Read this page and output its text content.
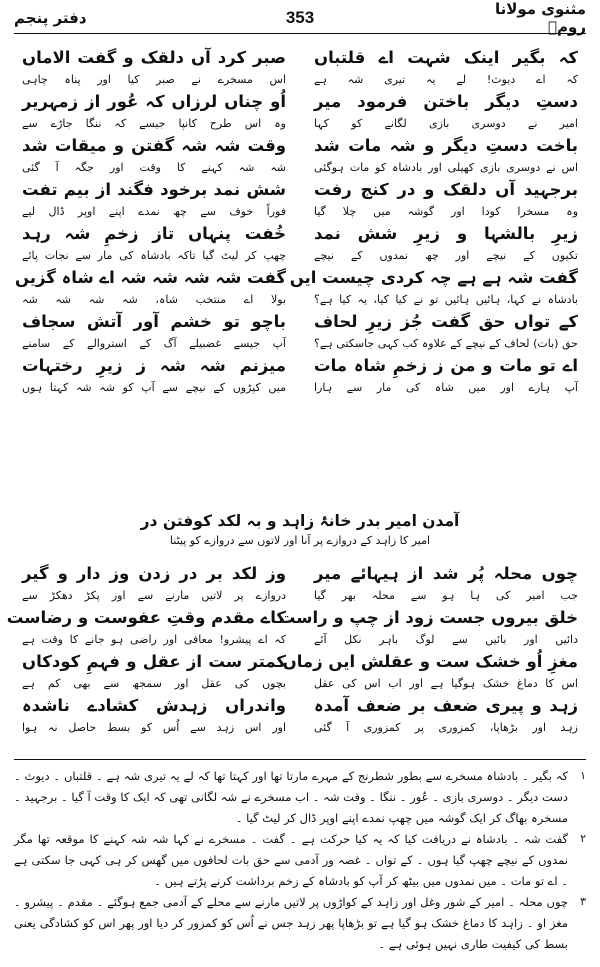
مثنوی مولانا رومؒ
353
دفتر پنجم
کہ بگیر اینک شہت اے قلتباں
کہ اے دیوث! لے یہ تیری شہ ہے
صبر کرد آں دلقک و گفت الاماں
اس مسخرے نے صبر کیا اور پناہ چاہی
دستِ دیگر باختن فرمود میر
امیر نے دوسری بازی لگانے کو کہا
اُو چناں لرزاں کہ عُور از زمہریر
وہ اس طرح کانپا جیسے کہ ننگا جاڑے سے
باخت دستِ دیگر و شہ مات شد
اس نے دوسری بازی کھیلی اور بادشاہ کو مات ہوگئی
وقت شہ شہ گفتن و میقات شد
شہ شہ کہنے کا وقت اور جگہ آ گئی
برجہید آں دلقک و در کنج رفت
وہ مسخرا کودا اور گوشہ میں چلا گیا
شش نمد برخود فگند از بیم تفت
فوراً خوف سے چھ نمدے اپنے اوپر ڈال لیے
زیرِ بالشہا و زیرِ شش نمد
تکیوں کے نیچے اور چھ نمدوں کے نیچے
خُفت پنہاں تاز زخمِ شہ رہد
چھپ کر لیٹ گیا تاکہ بادشاہ کی مار سے نجات پائے
گفت شہ ہے ہے چہ کردی چیست ایں
بادشاہ نے کہا، ہائیں ہائیں تو نے کیا کیا، یہ کیا ہے؟
گفت شہ شہ شہ شہ اے شاہ گزیں
بولا اے منتخب شاہ، شہ شہ شہ شہ
کے تواں حق گفت جُز زیرِ لحاف
حق (بات) لحاف کے نیچے کے علاوہ کب کہی جاسکتی ہے؟
باچو تو خشم آور آتش سجاف
آپ جیسے غضبیلے آگ کے استروالے کے سامنے
اے تو مات و من ز زخمِ شاہ مات
آپ ہارے اور میں شاہ کی مار سے ہارا
میزنم شہ شہ ز زیرِ رختہات
میں کپڑوں کے نیچے سے آپ کو شہ شہ کہتا ہوں
آمدن امیر بدر خانۂ زاہد و بہ لکد کوفتن در
امیر کا زاہد کے دروازے پر آنا اور لاتوں سے دروازے کو پیٹنا
چوں محلہ پُر شد از ہیہائے میر
جب امیر کی ہا ہو سے محلہ بھر گیا
وز لکد بر در زدن وز دار و گیر
دروازے پر لاتیں مارنے سے اور پکڑ دھکڑ سے
خلق بیروں جست زود از چپ و راست
دائیں اور بائیں سے لوگ باہر نکل آئے
کاے مقدم وقتِ عفوست و رضاست
کہ اے پیشرو! معافی اور راضی ہو جانے کا وقت ہے
مغزِ اُو خشک ست و عقلش ایں زماں
اس کا دماغ خشک ہوگیا ہے اور اب اس کی عقل
کمتر ست از عقل و فہمِ کودکاں
بچوں کی عقل اور سمجھ سے بھی کم ہے
زہد و پیری ضعف بر ضعف آمدہ
زہد اور بڑھاپا، کمزوری پر کمزوری آ گئی
واندراں زہدش کشادے ناشدہ
اور اس زہد سے اُس کو بسط حاصل نہ ہوا
۱
کہ بگیر ۔ بادشاہ مسخرے سے بطور شطرنج کے مہرے مارتا تھا اور کہتا تھا کہ لے یہ تیری شہ ہے ۔ قلتباں ۔ دیوث ۔ دست دیگر ۔ دوسری بازی ۔ عُور ۔ ننگا ۔ وقت شہ ۔ اب مسخرے نے شہ لگانی تھی کہ ایک کا وقت آ گیا ۔ برجہید ۔ مسخرہ بھاگ کر ایک گوشہ میں چھپ نمدے اپنے اوپر ڈال کر لیٹ گیا ۔
۲
گفت شہ ۔ بادشاہ نے دریافت کیا کہ یہ کیا حرکت ہے ۔ گفت ۔ مسخرے نے کہا شہ شہ کہنے کا موقعہ تھا مگر نمدوں کے نیچے چھپ گیا ہوں ۔ کے تواں ۔ غصہ ور آدمی سے حق بات لحافوں میں گھس کر ہی کہی جا سکتی ہے ۔ اے تو مات ۔ میں نمدوں میں بیٹھ کر آپ کو بادشاہ کے زخم برداشت کرنے پڑتے ہیں ۔
۳
چوں محلہ ۔ امیر کے شور وغل اور زاہد کے کواڑوں پر لاتیں مارنے سے محلے کے آدمی جمع ہوگئے ۔ مقدم ۔ پیشرو ۔ مغز او ۔ زاہد کا دماغ خشک ہو گیا ہے تو بڑھاپا پھر زہد جس نے اُس کو کمزور کر دیا اور پھر اس کو کشادگی یعنی بسط کی کیفیت طاری نہیں ہوئی ہے ۔
